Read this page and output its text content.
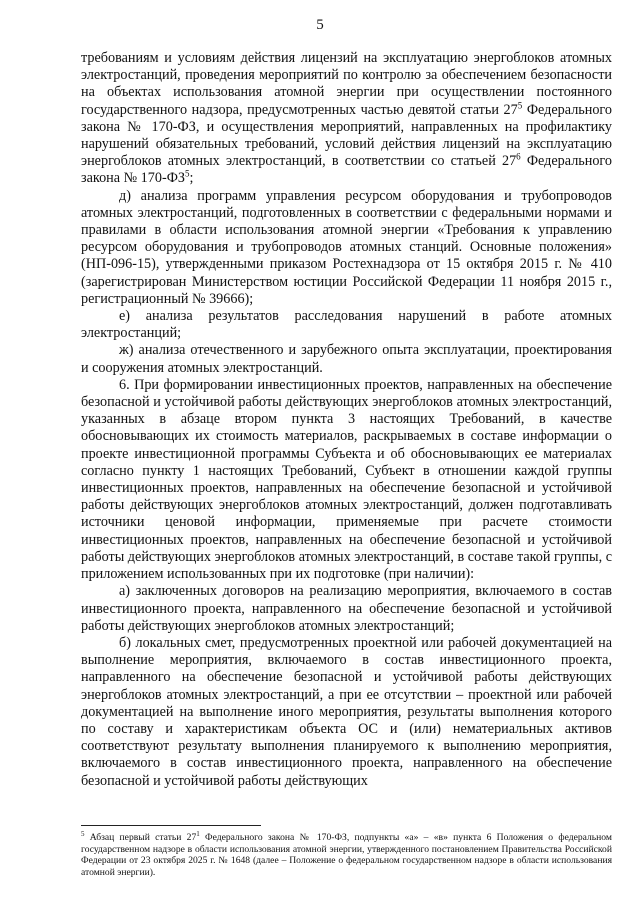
5

требованиям и условиям действия лицензий на эксплуатацию энергоблоков атомных электростанций, проведения мероприятий по контролю за обеспечением безопасности на объектах использования атомной энергии при осуществлении постоянного государственного надзора, предусмотренных частью девятой статьи $27^5$ Федерального закона № 170-ФЗ, и осуществления мероприятий, направленных на профилактику нарушений обязательных требований, условий действия лицензий на эксплуатацию энергоблоков атомных электростанций, в соответствии со статьей $27^6$ Федерального закона № $170-ФЗ^5$;

д) анализа программ управления ресурсом оборудования и трубопроводов атомных электростанций, подготовленных в соответствии с федеральными нормами и правилами в области использования атомной энергии «Требования к управлению ресурсом оборудования и трубопроводов атомных станций. Основные положения» (НП-096-15), утвержденными приказом Ростехнадзора от 15 октября 2015 г. № 410 (зарегистрирован Министерством юстиции Российской Федерации 11 ноября 2015 г., регистрационный № 39666);

е) анализа результатов расследования нарушений в работе атомных электростанций;

ж) анализа отечественного и зарубежного опыта эксплуатации, проектирования и сооружения атомных электростанций.

6. При формировании инвестиционных проектов, направленных на обеспечение безопасной и устойчивой работы действующих энергоблоков атомных электростанций, указанных в абзаце втором пункта 3 настоящих Требований, в качестве обосновывающих их стоимость материалов, раскрываемых в составе информации о проекте инвестиционной программы Субъекта и об обосновывающих ее материалах согласно пункту 1 настоящих Требований, Субъект в отношении каждой группы инвестиционных проектов, направленных на обеспечение безопасной и устойчивой работы действующих энергоблоков атомных электростанций, должен подготавливать источники ценовой информации, применяемые при расчете стоимости инвестиционных проектов, направленных на обеспечение безопасной и устойчивой работы действующих энергоблоков атомных электростанций, в составе такой группы, с приложением использованных при их подготовке (при наличии):

а) заключенных договоров на реализацию мероприятия, включаемого в состав инвестиционного проекта, направленного на обеспечение безопасной и устойчивой работы действующих энергоблоков атомных электростанций;

б) локальных смет, предусмотренных проектной или рабочей документацией на выполнение мероприятия, включаемого в состав инвестиционного проекта, направленного на обеспечение безопасной и устойчивой работы действующих энергоблоков атомных электростанций, а при ее отсутствии – проектной или рабочей документацией на выполнение иного мероприятия, результаты выполнения которого по составу и характеристикам объекта ОС и (или) нематериальных активов соответствуют результату выполнения планируемого к выполнению мероприятия, включаемого в состав инвестиционного проекта, направленного на обеспечение безопасной и устойчивой работы действующих

$^5$ Абзац первый статьи $27^1$ Федерального закона № 170-ФЗ, подпункты «а» – «в» пункта 6 Положения о федеральном государственном надзоре в области использования атомной энергии, утвержденного постановлением Правительства Российской Федерации от 23 октября 2025 г. № 1648 (далее – Положение о федеральном государственном надзоре в области использования атомной энергии).
